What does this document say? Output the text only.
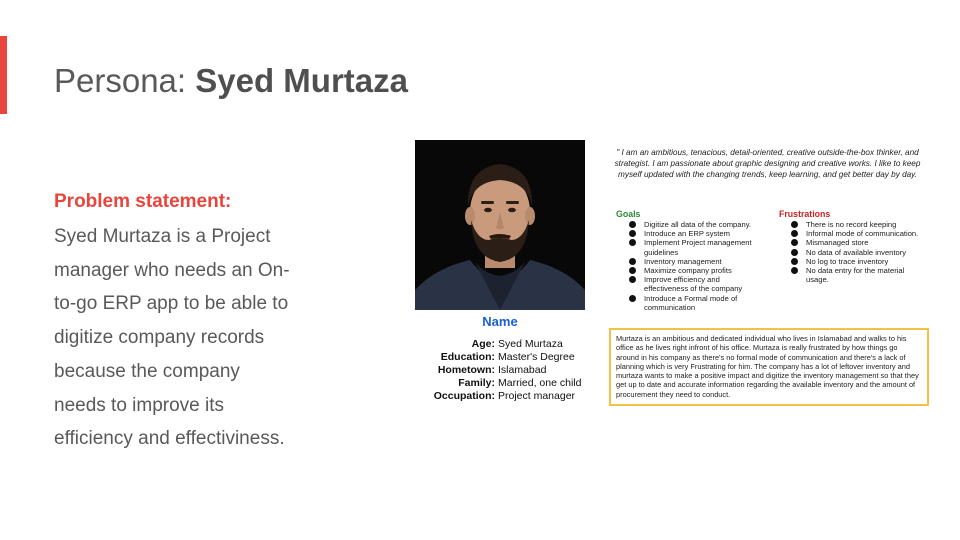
Persona: Syed Murtaza
Problem statement:
Syed Murtaza is a Project manager who needs an On-to-go ERP app to be able to digitize company records because the company needs to improve its efficiency and effectiviness.
Name
Age: Syed Murtaza
Education: Master's Degree
Hometown: Islamabad
Family: Married, one child
Occupation: Project manager
" I am an ambitious, tenacious, detail-oriented, creative outside-the-box thinker, and strategist. I am passionate about graphic designing and creative works. I like to keep myself updated with the changing trends, keep learning, and get better day by day.
Goals	Frustrations
Digitize all data of the company.
Introduce an ERP system
Implement Project management guidelines
Inventory management
Maximize company profits
Improve efficiency and effectiveness of the company
Introduce a Formal mode of communication
There is no record keeping
Informal mode of communication.
Mismanaged store
No data of available inventory
No log to trace inventory
No data entry for the material usage.
Murtaza is an ambitious and dedicated individual who lives in Islamabad and walks to his office as he lives right infront of his office. Murtaza is really frustrated by how things go around in his company as there's no formal mode of communication and there's a lack of planning which is very Frustrating for him. The company has a lot of leftover inventory and murtaza wants to make a positive impact and digitize the inventory management so that they get up to date and accurate information regarding the available inventory and the amount of procurement they need to conduct.
